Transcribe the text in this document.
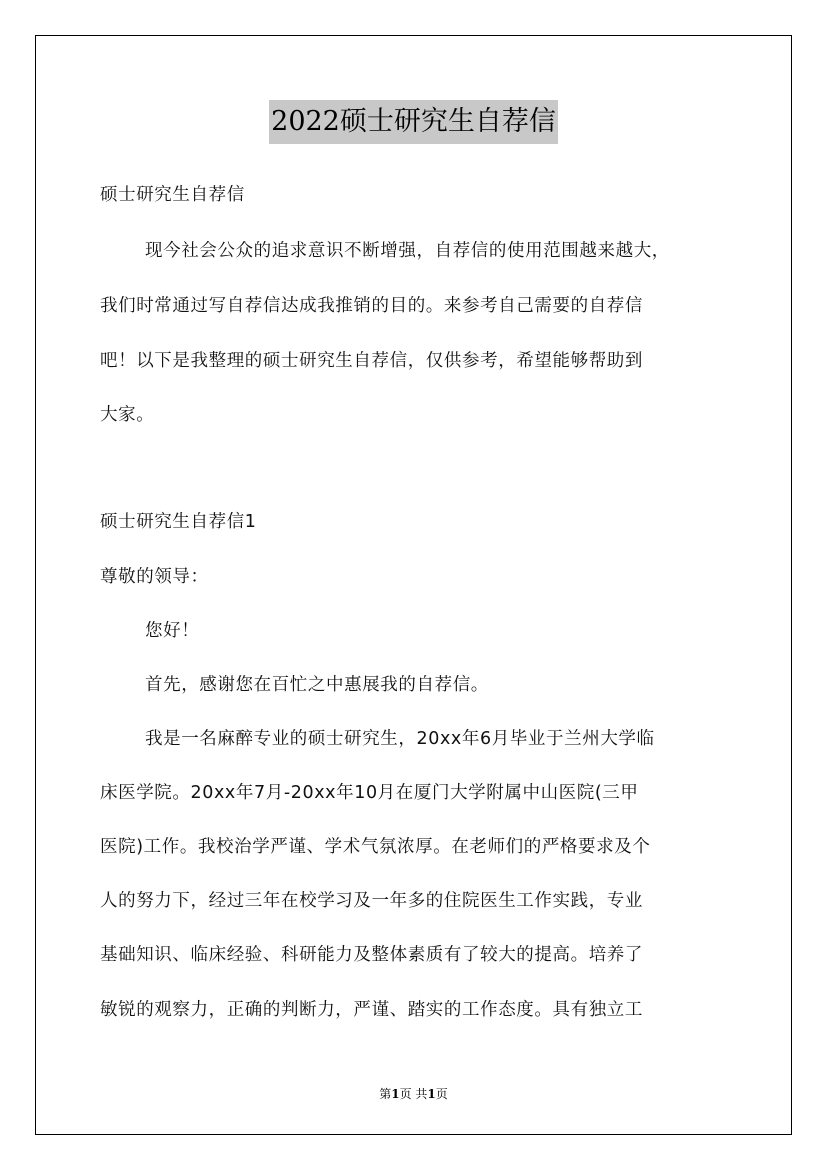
2022硕士研究生自荐信
硕士研究生自荐信
现今社会公众的追求意识不断增强，自荐信的使用范围越来越大，
我们时常通过写自荐信达成我推销的目的。来参考自己需要的自荐信
吧！以下是我整理的硕士研究生自荐信，仅供参考，希望能够帮助到
大家。
硕士研究生自荐信1
尊敬的领导：
您好！
首先，感谢您在百忙之中惠展我的自荐信。
我是一名麻醉专业的硕士研究生，20xx年6月毕业于兰州大学临
床医学院。20xx年7月-20xx年10月在厦门大学附属中山医院(三甲
医院)工作。我校治学严谨、学术气氛浓厚。在老师们的严格要求及个
人的努力下，经过三年在校学习及一年多的住院医生工作实践，专业
基础知识、临床经验、科研能力及整体素质有了较大的提高。培养了
敏锐的观察力，正确的判断力，严谨、踏实的工作态度。具有独立工
第1页 共1页
